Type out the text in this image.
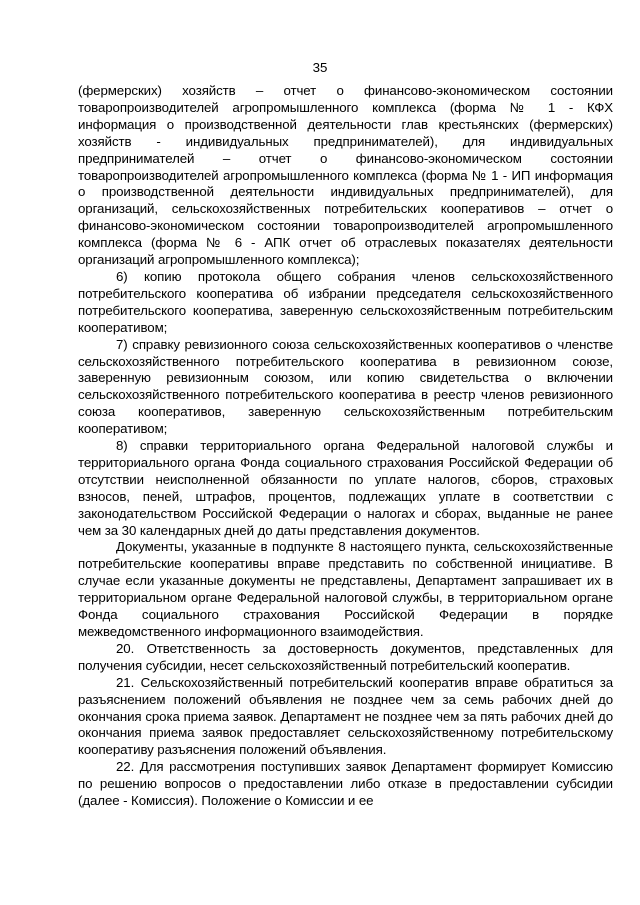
35

(фермерских) хозяйств – отчет о финансово-экономическом состоянии товаропроизводителей агропромышленного комплекса (форма № 1 - КФХ информация о производственной деятельности глав крестьянских (фермерских) хозяйств - индивидуальных предпринимателей), для индивидуальных предпринимателей – отчет о финансово-экономическом состоянии товаропроизводителей агропромышленного комплекса (форма № 1 - ИП информация о производственной деятельности индивидуальных предпринимателей), для организаций, сельскохозяйственных потребительских кооперативов – отчет о финансово-экономическом состоянии товаропроизводителей агропромышленного комплекса (форма № 6 - АПК отчет об отраслевых показателях деятельности организаций агропромышленного комплекса);

6) копию протокола общего собрания членов сельскохозяйственного потребительского кооператива об избрании председателя сельскохозяйственного потребительского кооператива, заверенную сельскохозяйственным потребительским кооперативом;

7) справку ревизионного союза сельскохозяйственных кооперативов о членстве сельскохозяйственного потребительского кооператива в ревизионном союзе, заверенную ревизионным союзом, или копию свидетельства о включении сельскохозяйственного потребительского кооператива в реестр членов ревизионного союза кооперативов, заверенную сельскохозяйственным потребительским кооперативом;

8) справки территориального органа Федеральной налоговой службы и территориального органа Фонда социального страхования Российской Федерации об отсутствии неисполненной обязанности по уплате налогов, сборов, страховых взносов, пеней, штрафов, процентов, подлежащих уплате в соответствии с законодательством Российской Федерации о налогах и сборах, выданные не ранее чем за 30 календарных дней до даты представления документов.

Документы, указанные в подпункте 8 настоящего пункта, сельскохозяйственные потребительские кооперативы вправе представить по собственной инициативе. В случае если указанные документы не представлены, Департамент запрашивает их в территориальном органе Федеральной налоговой службы, в территориальном органе Фонда социального страхования Российской Федерации в порядке межведомственного информационного взаимодействия.

20. Ответственность за достоверность документов, представленных для получения субсидии, несет сельскохозяйственный потребительский кооператив.

21. Сельскохозяйственный потребительский кооператив вправе обратиться за разъяснением положений объявления не позднее чем за семь рабочих дней до окончания срока приема заявок. Департамент не позднее чем за пять рабочих дней до окончания приема заявок предоставляет сельскохозяйственному потребительскому кооперативу разъяснения положений объявления.

22. Для рассмотрения поступивших заявок Департамент формирует Комиссию по решению вопросов о предоставлении либо отказе в предоставлении субсидии (далее - Комиссия). Положение о Комиссии и ее
